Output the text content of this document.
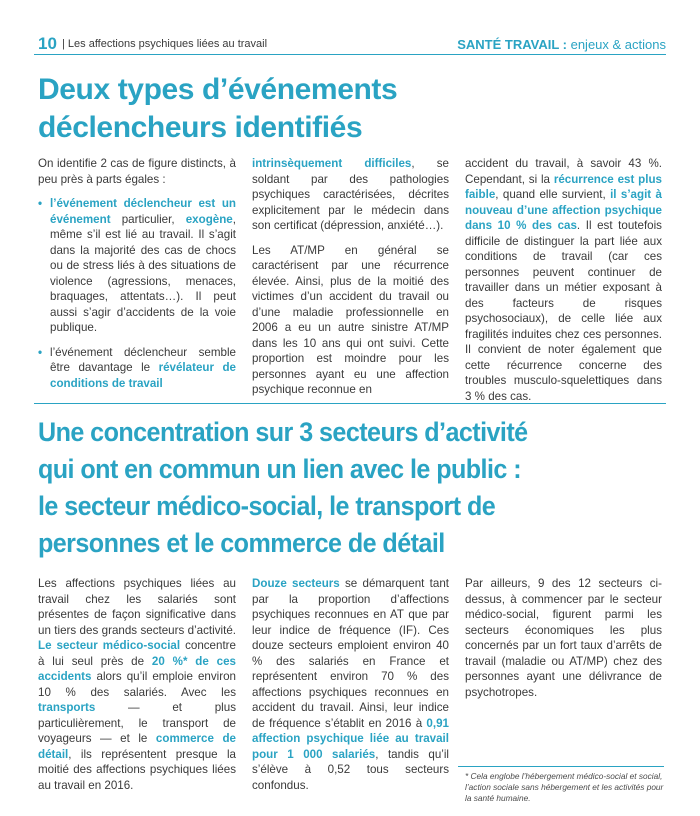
10 | Les affections psychiques liées au travail	SANTÉ TRAVAIL : enjeux & actions
Deux types d’événements
déclencheurs identifiés

On identifie 2 cas de figure distincts, à peu près à parts égales :

• l’événement déclencheur est un événement particulier, exogène, même s’il est lié au travail. Il s’agit dans la majorité des cas de chocs ou de stress liés à des situations de violence (agressions, menaces, braquages, attentats…). Il peut aussi s’agir d’accidents de la voie publique.

• l’événement déclencheur semble être davantage le révélateur de conditions de travail

intrinsèquement difficiles, se soldant par des pathologies psychiques caractérisées, décrites explicitement par le médecin dans son certificat (dépression, anxiété…).

Les AT/MP en général se caractérisent par une récurrence élevée. Ainsi, plus de la moitié des victimes d’un accident du travail ou d’une maladie professionnelle en 2006 a eu un autre sinistre AT/MP dans les 10 ans qui ont suivi. Cette proportion est moindre pour les personnes ayant eu une affection psychique reconnue en

accident du travail, à savoir 43 %. Cependant, si la récurrence est plus faible, quand elle survient, il s’agit à nouveau d’une affection psychique dans 10 % des cas. Il est toutefois difficile de distinguer la part liée aux conditions de travail (car ces personnes peuvent continuer de travailler dans un métier exposant à des facteurs de risques psychosociaux), de celle liée aux fragilités induites chez ces personnes. Il convient de noter également que cette récurrence concerne des troubles musculo-squelettiques dans 3 % des cas.

Une concentration sur 3 secteurs d’activité
qui ont en commun un lien avec le public :
le secteur médico-social, le transport de
personnes et le commerce de détail

Les affections psychiques liées au travail chez les salariés sont présentes de façon significative dans un tiers des grands secteurs d’activité. Le secteur médico-social concentre à lui seul près de 20 %* de ces accidents alors qu’il emploie environ 10 % des salariés. Avec les transports — et plus particulièrement, le transport de voyageurs — et le commerce de détail, ils représentent presque la moitié des affections psychiques liées au travail en 2016.

Douze secteurs se démarquent tant par la proportion d’affections psychiques reconnues en AT que par leur indice de fréquence (IF). Ces douze secteurs emploient environ 40 % des salariés en France et représentent environ 70 % des affections psychiques reconnues en accident du travail. Ainsi, leur indice de fréquence s’établit en 2016 à 0,91 affection psychique liée au travail pour 1 000 salariés, tandis qu’il s’élève à 0,52 tous secteurs confondus.

Par ailleurs, 9 des 12 secteurs ci-dessus, à commencer par le secteur médico-social, figurent parmi les secteurs économiques les plus concernés par un fort taux d’arrêts de travail (maladie ou AT/MP) chez des personnes ayant une délivrance de psychotropes.

* Cela englobe l’hébergement médico-social et social, l’action sociale sans hébergement et les activités pour la santé humaine.
